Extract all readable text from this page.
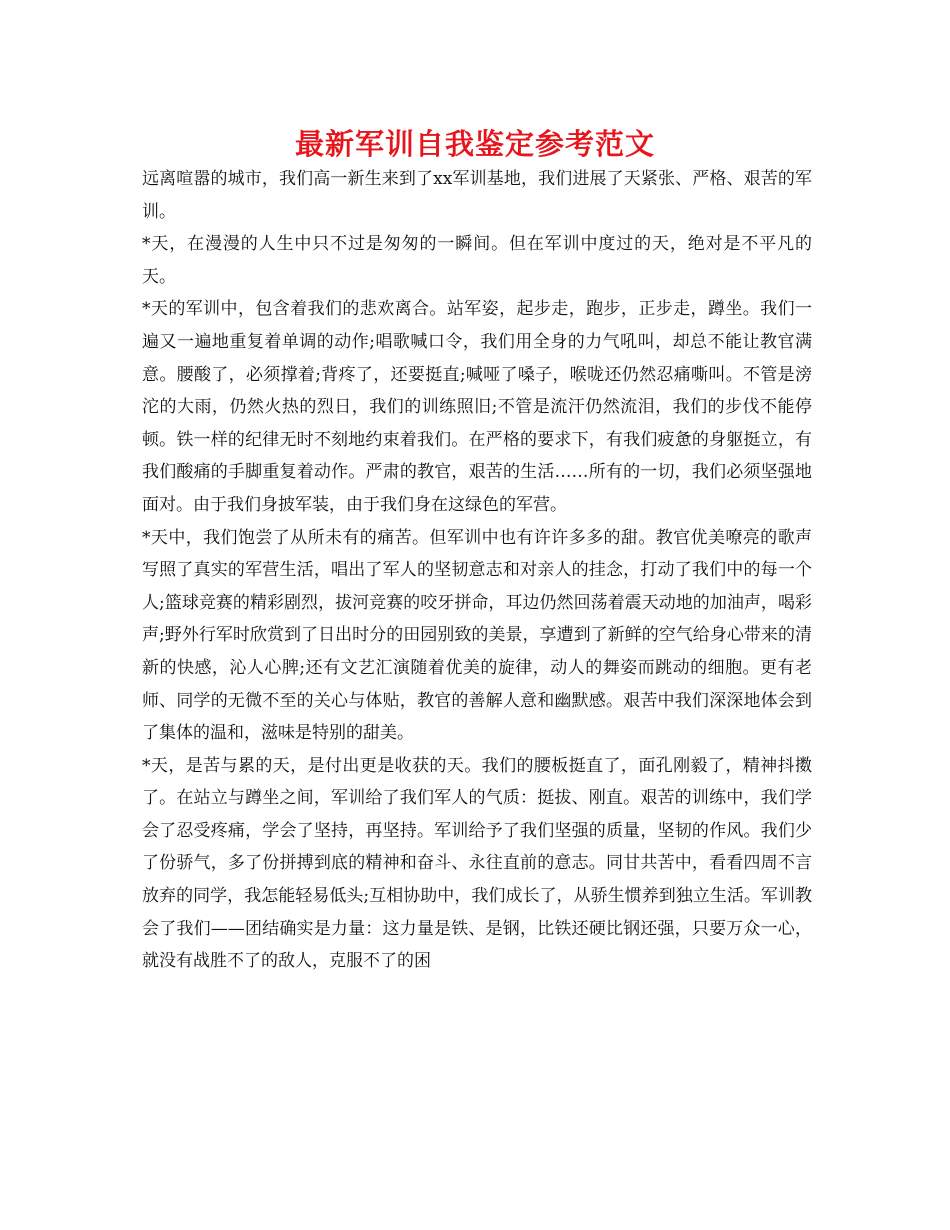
最新军训自我鉴定参考范文

远离喧嚣的城市，我们高一新生来到了xx军训基地，我们进展了天紧张、严格、艰苦的军训。

*天，在漫漫的人生中只不过是匆匆的一瞬间。但在军训中度过的天，绝对是不平凡的天。

*天的军训中，包含着我们的悲欢离合。站军姿，起步走，跑步，正步走，蹲坐。我们一遍又一遍地重复着单调的动作;唱歌喊口令，我们用全身的力气吼叫，却总不能让教官满意。腰酸了，必须撑着;背疼了，还要挺直;喊哑了嗓子，喉咙还仍然忍痛嘶叫。不管是滂沱的大雨，仍然火热的烈日，我们的训练照旧;不管是流汗仍然流泪，我们的步伐不能停顿。铁一样的纪律无时不刻地约束着我们。在严格的要求下，有我们疲惫的身躯挺立，有我们酸痛的手脚重复着动作。严肃的教官，艰苦的生活……所有的一切，我们必须坚强地面对。由于我们身披军装，由于我们身在这绿色的军营。

*天中，我们饱尝了从所未有的痛苦。但军训中也有许许多多的甜。教官优美嘹亮的歌声写照了真实的军营生活，唱出了军人的坚韧意志和对亲人的挂念，打动了我们中的每一个人;篮球竞赛的精彩剧烈，拔河竞赛的咬牙拼命，耳边仍然回荡着震天动地的加油声，喝彩声;野外行军时欣赏到了日出时分的田园别致的美景，享遭到了新鲜的空气给身心带来的清新的快感，沁人心脾;还有文艺汇演随着优美的旋律，动人的舞姿而跳动的细胞。更有老师、同学的无微不至的关心与体贴，教官的善解人意和幽默感。艰苦中我们深深地体会到了集体的温和，滋味是特别的甜美。

*天，是苦与累的天，是付出更是收获的天。我们的腰板挺直了，面孔刚毅了，精神抖擞了。在站立与蹲坐之间，军训给了我们军人的气质：挺拔、刚直。艰苦的训练中，我们学会了忍受疼痛，学会了坚持，再坚持。军训给予了我们坚强的质量，坚韧的作风。我们少了份骄气，多了份拼搏到底的精神和奋斗、永往直前的意志。同甘共苦中，看看四周不言放弃的同学，我怎能轻易低头;互相协助中，我们成长了，从骄生惯养到独立生活。军训教会了我们——团结确实是力量：这力量是铁、是钢，比铁还硬比钢还强，只要万众一心，就没有战胜不了的敌人，克服不了的困
